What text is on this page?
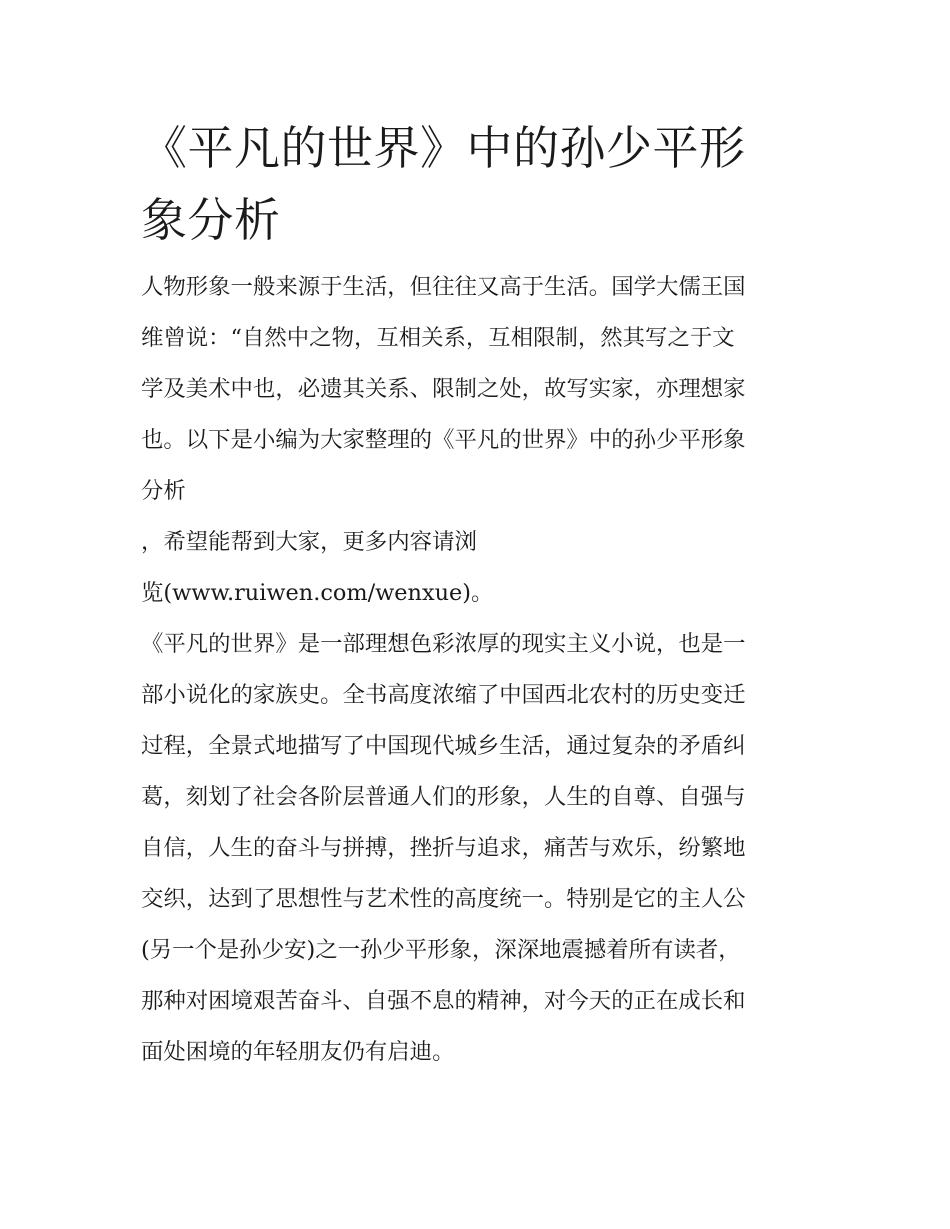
《平凡的世界》中的孙少平形
象分析

人物形象一般来源于生活，但往往又高于生活。国学大儒王国
维曾说：“自然中之物，互相关系，互相限制，然其写之于文
学及美术中也，必遗其关系、限制之处，故写实家，亦理想家
也。以下是小编为大家整理的《平凡的世界》中的孙少平形象
分析

，希望能帮到大家，更多内容请浏

览(www.ruiwen.com/wenxue)。

《平凡的世界》是一部理想色彩浓厚的现实主义小说，也是一
部小说化的家族史。全书高度浓缩了中国西北农村的历史变迁
过程，全景式地描写了中国现代城乡生活，通过复杂的矛盾纠
葛，刻划了社会各阶层普通人们的形象，人生的自尊、自强与
自信，人生的奋斗与拼搏，挫折与追求，痛苦与欢乐，纷繁地
交织，达到了思想性与艺术性的高度统一。特别是它的主人公
(另一个是孙少安)之一孙少平形象，深深地震撼着所有读者，
那种对困境艰苦奋斗、自强不息的精神，对今天的正在成长和
面处困境的年轻朋友仍有启迪。
